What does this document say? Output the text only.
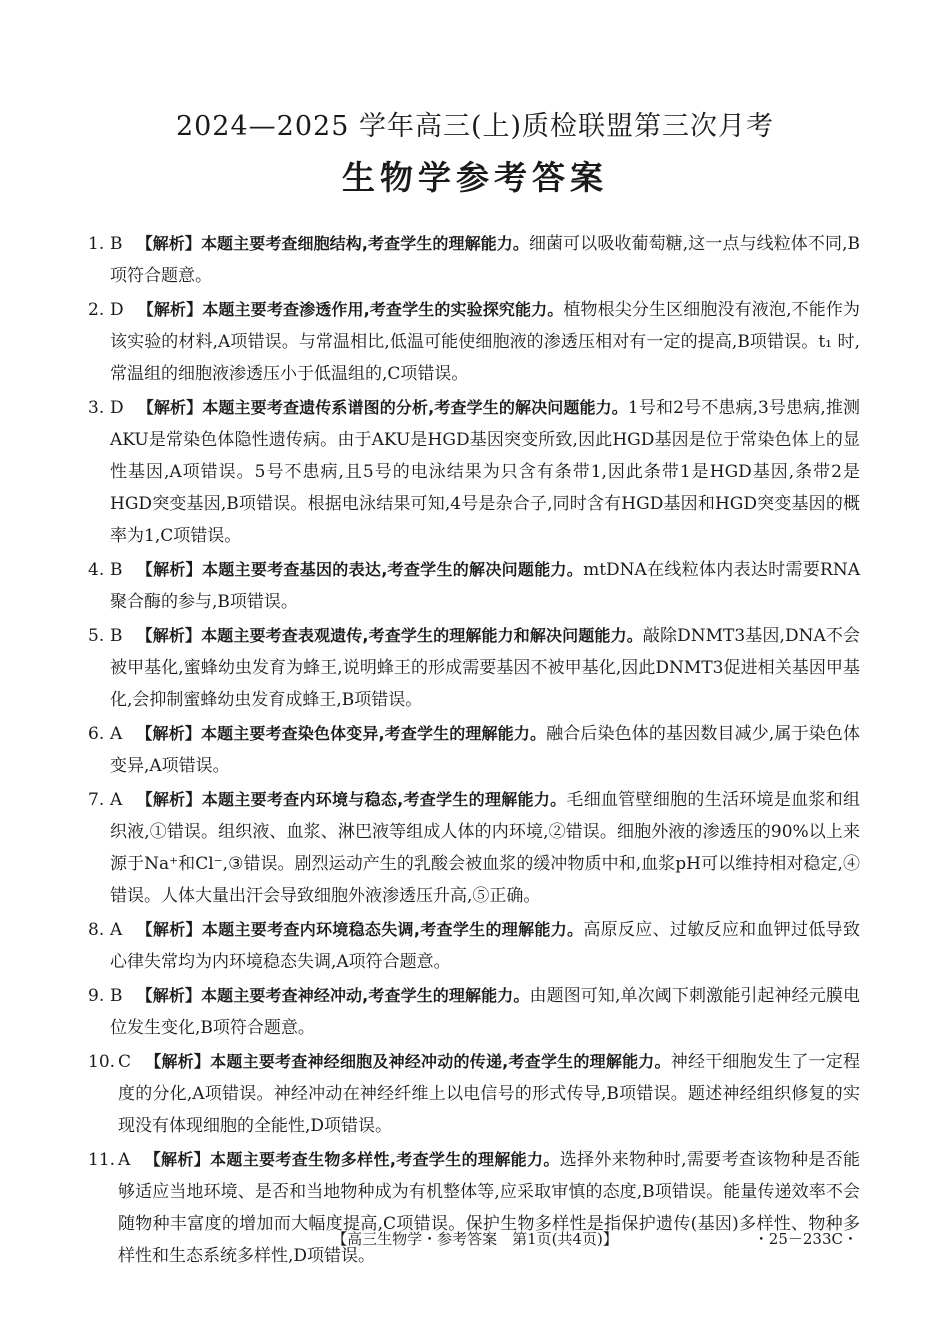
2024—2025 学年高三(上)质检联盟第三次月考
生物学参考答案
1. B 【解析】本题主要考查细胞结构,考查学生的理解能力。细菌可以吸收葡萄糖,这一点与线粒体不同,B项符合题意。
2. D 【解析】本题主要考查渗透作用,考查学生的实验探究能力。植物根尖分生区细胞没有液泡,不能作为该实验的材料,A项错误。与常温相比,低温可能使细胞液的渗透压相对有一定的提高,B项错误。t₁ 时,常温组的细胞液渗透压小于低温组的,C项错误。
3. D 【解析】本题主要考查遗传系谱图的分析,考查学生的解决问题能力。1号和2号不患病,3号患病,推测AKU是常染色体隐性遗传病。由于AKU是HGD基因突变所致,因此HGD基因是位于常染色体上的显性基因,A项错误。5号不患病,且5号的电泳结果为只含有条带1,因此条带1是HGD基因,条带2是HGD突变基因,B项错误。根据电泳结果可知,4号是杂合子,同时含有HGD基因和HGD突变基因的概率为1,C项错误。
4. B 【解析】本题主要考查基因的表达,考查学生的解决问题能力。mtDNA在线粒体内表达时需要RNA聚合酶的参与,B项错误。
5. B 【解析】本题主要考查表观遗传,考查学生的理解能力和解决问题能力。敲除DNMT3基因,DNA不会被甲基化,蜜蜂幼虫发育为蜂王,说明蜂王的形成需要基因不被甲基化,因此DNMT3促进相关基因甲基化,会抑制蜜蜂幼虫发育成蜂王,B项错误。
6. A 【解析】本题主要考查染色体变异,考查学生的理解能力。融合后染色体的基因数目减少,属于染色体变异,A项错误。
7. A 【解析】本题主要考查内环境与稳态,考查学生的理解能力。毛细血管壁细胞的生活环境是血浆和组织液,①错误。组织液、血浆、淋巴液等组成人体的内环境,②错误。细胞外液的渗透压的90%以上来源于Na⁺和Cl⁻,③错误。剧烈运动产生的乳酸会被血浆的缓冲物质中和,血浆pH可以维持相对稳定,④错误。人体大量出汗会导致细胞外液渗透压升高,⑤正确。
8. A 【解析】本题主要考查内环境稳态失调,考查学生的理解能力。高原反应、过敏反应和血钾过低导致心律失常均为内环境稳态失调,A项符合题意。
9. B 【解析】本题主要考查神经冲动,考查学生的理解能力。由题图可知,单次阈下刺激能引起神经元膜电位发生变化,B项符合题意。
10. C 【解析】本题主要考查神经细胞及神经冲动的传递,考查学生的理解能力。神经干细胞发生了一定程度的分化,A项错误。神经冲动在神经纤维上以电信号的形式传导,B项错误。题述神经组织修复的实现没有体现细胞的全能性,D项错误。
11. A 【解析】本题主要考查生物多样性,考查学生的理解能力。选择外来物种时,需要考查该物种是否能够适应当地环境、是否和当地物种成为有机整体等,应采取审慎的态度,B项错误。能量传递效率不会随物种丰富度的增加而大幅度提高,C项错误。保护生物多样性是指保护遗传(基因)多样性、物种多样性和生态系统多样性,D项错误。
【高三生物学・参考答案　第1页(共4页)】	・25－233C・
